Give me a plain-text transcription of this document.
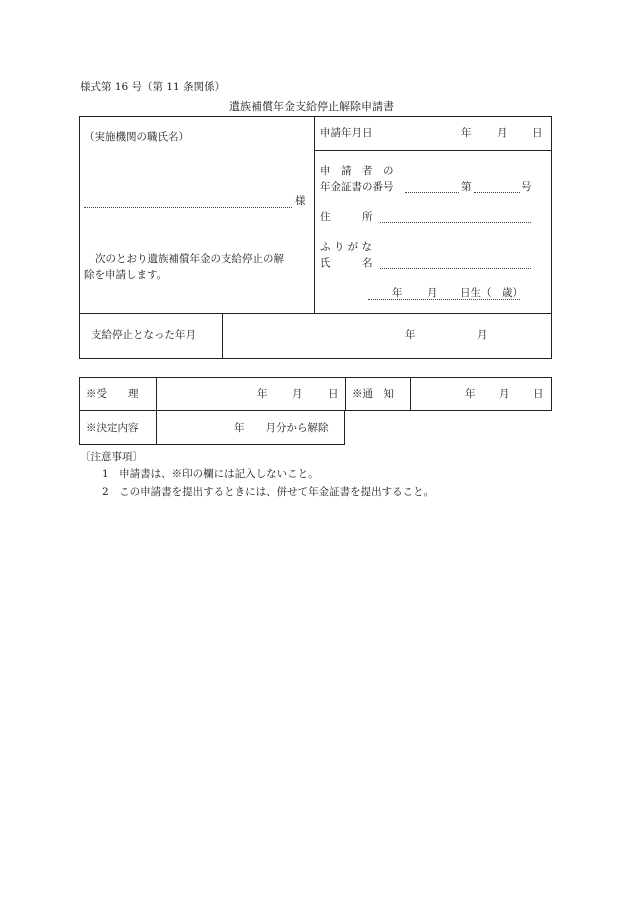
様式第 16 号（第 11 条関係）
遺族補償年金支給停止解除申請書
（実施機関の職氏名）
様
次のとおり遺族補償年金の支給停止の解
除を申請します。
申請年月日	年 月 日
申　請　者　の
年金証書の番号	第	号
住　　　所
ふ り が な
氏　　　名
年 月 日生（　歳）
支給停止となった年月	年	月
※受　　理	年 月 日 ※通　知	年 月 日
※決定内容	年　　月分から解除
〔注意事項〕
1　申請書は、※印の欄には記入しないこと。
2　この申請書を提出するときには、併せて年金証書を提出すること。
